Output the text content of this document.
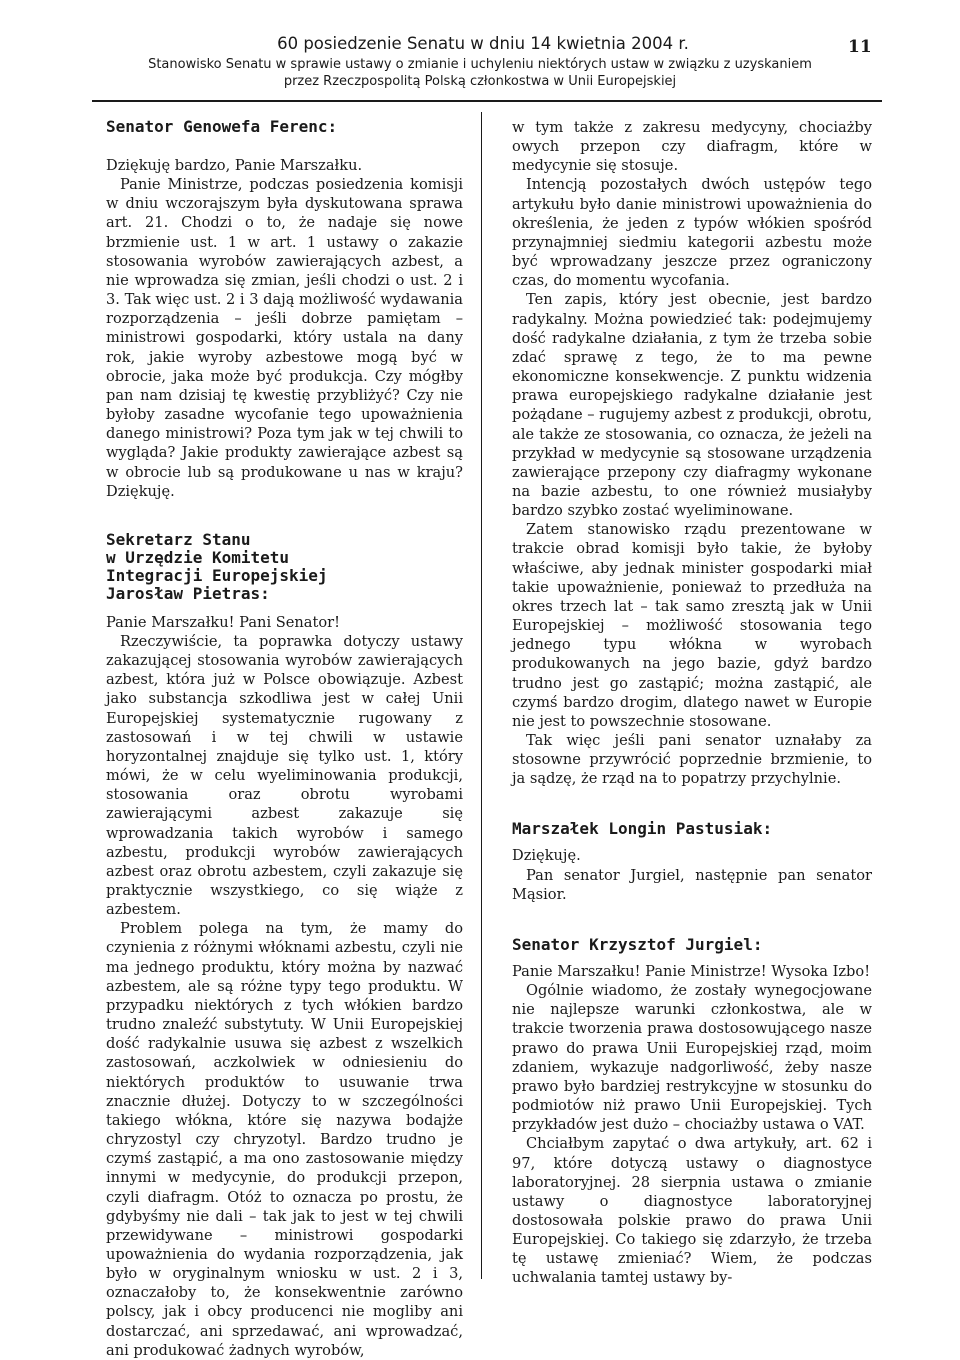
60 posiedzenie Senatu w dniu 14 kwietnia 2004 r.
Stanowisko Senatu w sprawie ustawy o zmianie i uchyleniu niektórych ustaw w związku z uzyskaniem
przez Rzeczpospolitą Polską członkostwa w Unii Europejskiej
11
Senator Genowefa Ferenc:

Dziękuję bardzo, Panie Marszałku.

Panie Ministrze, podczas posiedzenia komisji w dniu wczorajszym była dyskutowana sprawa art. 21. Chodzi o to, że nadaje się nowe brzmienie ust. 1 w art. 1 ustawy o zakazie stosowania wyrobów zawierających azbest, a nie wprowadza się zmian, jeśli chodzi o ust. 2 i 3. Tak więc ust. 2 i 3 dają możliwość wydawania rozporządzenia – jeśli dobrze pamiętam – ministrowi gospodarki, który ustala na dany rok, jakie wyroby azbestowe mogą być w obrocie, jaka może być produkcja. Czy mógłby pan nam dzisiaj tę kwestię przybliżyć? Czy nie byłoby zasadne wycofanie tego upoważnienia danego ministrowi? Poza tym jak w tej chwili to wygląda? Jakie produkty zawierające azbest są w obrocie lub są produkowane u nas w kraju? Dziękuję.

Sekretarz Stanu
w Urzędzie Komitetu
Integracji Europejskiej
Jarosław Pietras:

Panie Marszałku! Pani Senator!

Rzeczywiście, ta poprawka dotyczy ustawy zakazującej stosowania wyrobów zawierających azbest, która już w Polsce obowiązuje. Azbest jako substancja szkodliwa jest w całej Unii Europejskiej systematycznie rugowany z zastosowań i w tej chwili w ustawie horyzontalnej znajduje się tylko ust. 1, który mówi, że w celu wyeliminowania produkcji, stosowania oraz obrotu wyrobami zawierającymi azbest zakazuje się wprowadzania takich wyrobów i samego azbestu, produkcji wyrobów zawierających azbest oraz obrotu azbestem, czyli zakazuje się praktycznie wszystkiego, co się wiąże z azbestem.

Problem polega na tym, że mamy do czynienia z różnymi włóknami azbestu, czyli nie ma jednego produktu, który można by nazwać azbestem, ale są różne typy tego produktu. W przypadku niektórych z tych włókien bardzo trudno znaleźć substytuty. W Unii Europejskiej dość radykalnie usuwa się azbest z wszelkich zastosowań, aczkolwiek w odniesieniu do niektórych produktów to usuwanie trwa znacznie dłużej. Dotyczy to w szczególności takiego włókna, które się nazywa bodajże chryzostyl czy chryzotyl. Bardzo trudno je czymś zastąpić, a ma ono zastosowanie między innymi w medycynie, do produkcji przepon, czyli diafragm. Otóż to oznacza po prostu, że gdybyśmy nie dali – tak jak to jest w tej chwili przewidywane – ministrowi gospodarki upoważnienia do wydania rozporządzenia, jak było w oryginalnym wniosku w ust. 2 i 3, oznaczałoby to, że konsekwentnie zarówno polscy, jak i obcy producenci nie mogliby ani dostarczać, ani sprzedawać, ani wprowadzać, ani produkować żadnych wyrobów,

w tym także z zakresu medycyny, chociażby owych przepon czy diafragm, które w medycynie się stosuje.

Intencją pozostałych dwóch ustępów tego artykułu było danie ministrowi upoważnienia do określenia, że jeden z typów włókien spośród przynajmniej siedmiu kategorii azbestu może być wprowadzany jeszcze przez ograniczony czas, do momentu wycofania.

Ten zapis, który jest obecnie, jest bardzo radykalny. Można powiedzieć tak: podejmujemy dość radykalne działania, z tym że trzeba sobie zdać sprawę z tego, że to ma pewne ekonomiczne konsekwencje. Z punktu widzenia prawa europejskiego radykalne działanie jest pożądane – rugujemy azbest z produkcji, obrotu, ale także ze stosowania, co oznacza, że jeżeli na przykład w medycynie są stosowane urządzenia zawierające przepony czy diafragmy wykonane na bazie azbestu, to one również musiałyby bardzo szybko zostać wyeliminowane.

Zatem stanowisko rządu prezentowane w trakcie obrad komisji było takie, że byłoby właściwe, aby jednak minister gospodarki miał takie upoważnienie, ponieważ to przedłuża na okres trzech lat – tak samo zresztą jak w Unii Europejskiej – możliwość stosowania tego jednego typu włókna w wyrobach produkowanych na jego bazie, gdyż bardzo trudno jest go zastąpić; można zastąpić, ale czymś bardzo drogim, dlatego nawet w Europie nie jest to powszechnie stosowane.

Tak więc jeśli pani senator uznałaby za stosowne przywrócić poprzednie brzmienie, to ja sądzę, że rząd na to popatrzy przychylnie.

Marszałek Longin Pastusiak:

Dziękuję.

Pan senator Jurgiel, następnie pan senator Mąsior.

Senator Krzysztof Jurgiel:

Panie Marszałku! Panie Ministrze! Wysoka Izbo!

Ogólnie wiadomo, że zostały wynegocjowane nie najlepsze warunki członkostwa, ale w trakcie tworzenia prawa dostosowującego nasze prawo do prawa Unii Europejskiej rząd, moim zdaniem, wykazuje nadgorliwość, żeby nasze prawo było bardziej restrykcyjne w stosunku do podmiotów niż prawo Unii Europejskiej. Tych przykładów jest dużo – chociażby ustawa o VAT.

Chciałbym zapytać o dwa artykuły, art. 62 i 97, które dotyczą ustawy o diagnostyce laboratoryjnej. 28 sierpnia ustawa o zmianie ustawy o diagnostyce laboratoryjnej dostosowała polskie prawo do prawa Unii Europejskiej. Co takiego się zdarzyło, że trzeba tę ustawę zmieniać? Wiem, że podczas uchwalania tamtej ustawy by-
